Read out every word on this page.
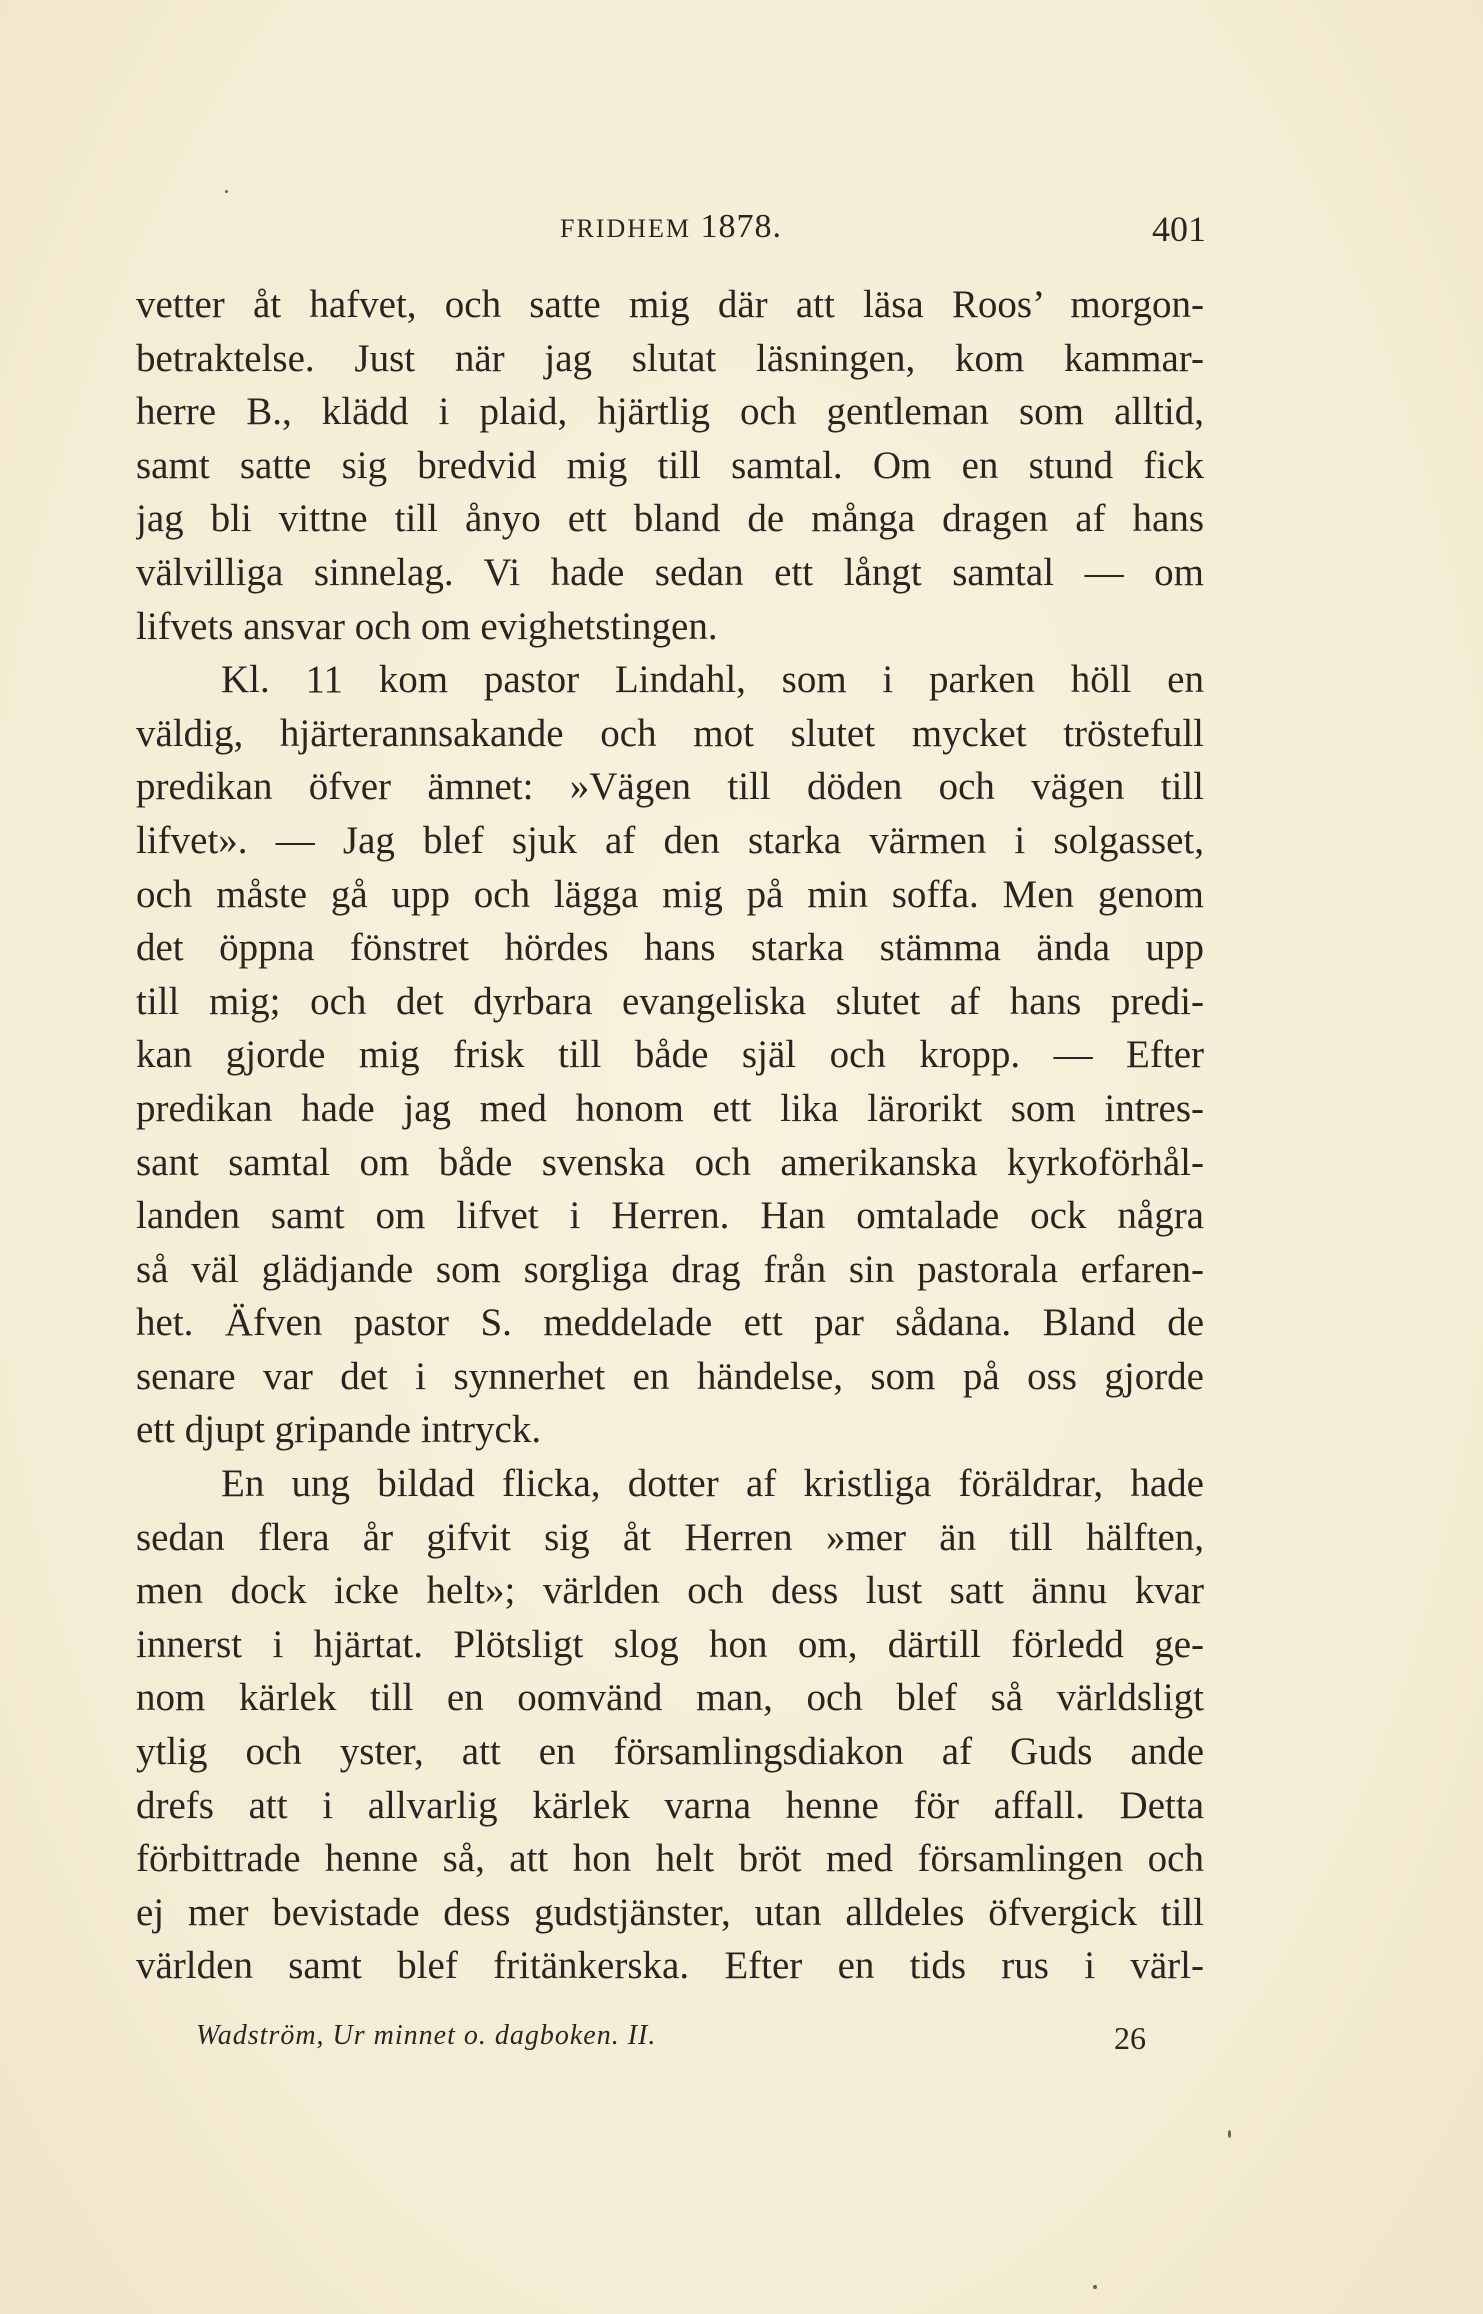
FRIDHEM 1878.	401
vetter åt hafvet, och satte mig där att läsa Roos’ morgon-
betraktelse. Just när jag slutat läsningen, kom kammar-
herre B., klädd i plaid, hjärtlig och gentleman som alltid,
samt satte sig bredvid mig till samtal. Om en stund fick
jag bli vittne till ånyo ett bland de många dragen af hans
välvilliga sinnelag. Vi hade sedan ett långt samtal — om
lifvets ansvar och om evighetstingen.
Kl. 11 kom pastor Lindahl, som i parken höll en
väldig, hjärterannsakande och mot slutet mycket tröstefull
predikan öfver ämnet: »Vägen till döden och vägen till
lifvet». — Jag blef sjuk af den starka värmen i solgasset,
och måste gå upp och lägga mig på min soffa. Men genom
det öppna fönstret hördes hans starka stämma ända upp
till mig; och det dyrbara evangeliska slutet af hans predi-
kan gjorde mig frisk till både själ och kropp. — Efter
predikan hade jag med honom ett lika lärorikt som intres-
sant samtal om både svenska och amerikanska kyrkoförhål-
landen samt om lifvet i Herren. Han omtalade ock några
så väl glädjande som sorgliga drag från sin pastorala erfaren-
het. Äfven pastor S. meddelade ett par sådana. Bland de
senare var det i synnerhet en händelse, som på oss gjorde
ett djupt gripande intryck.
En ung bildad flicka, dotter af kristliga föräldrar, hade
sedan flera år gifvit sig åt Herren »mer än till hälften,
men dock icke helt»; världen och dess lust satt ännu kvar
innerst i hjärtat. Plötsligt slog hon om, därtill förledd ge-
nom kärlek till en oomvänd man, och blef så världsligt
ytlig och yster, att en församlingsdiakon af Guds ande
drefs att i allvarlig kärlek varna henne för affall. Detta
förbittrade henne så, att hon helt bröt med församlingen och
ej mer bevistade dess gudstjänster, utan alldeles öfvergick till
världen samt blef fritänkerska. Efter en tids rus i värl-
Wadström, Ur minnet o. dagboken. II.	26
